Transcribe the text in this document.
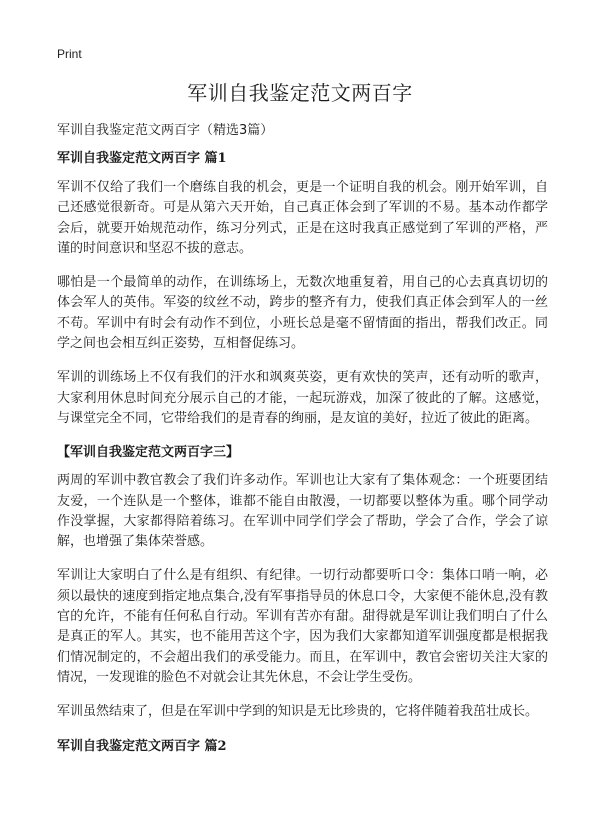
Print
军训自我鉴定范文两百字

军训自我鉴定范文两百字（精选3篇）

军训自我鉴定范文两百字 篇1

军训不仅给了我们一个磨练自我的机会，更是一个证明自我的机会。刚开始军训，自己还感觉很新奇。可是从第六天开始，自己真正体会到了军训的不易。基本动作都学会后，就要开始规范动作，练习分列式，正是在这时我真正感觉到了军训的严格，严谨的时间意识和坚忍不拔的意志。

哪怕是一个最简单的动作，在训练场上，无数次地重复着，用自己的心去真真切切的体会军人的英伟。军姿的纹丝不动，跨步的整齐有力，使我们真正体会到军人的一丝不苟。军训中有时会有动作不到位，小班长总是毫不留情面的指出，帮我们改正。同学之间也会相互纠正姿势，互相督促练习。

军训的训练场上不仅有我们的汗水和飒爽英姿，更有欢快的笑声，还有动听的歌声，大家利用休息时间充分展示自己的才能，一起玩游戏，加深了彼此的了解。这感觉，与课堂完全不同，它带给我们的是青春的绚丽，是友谊的美好，拉近了彼此的距离。

【军训自我鉴定范文两百字三】

两周的军训中教官教会了我们许多动作。军训也让大家有了集体观念：一个班要团结友爱，一个连队是一个整体，谁都不能自由散漫，一切都要以整体为重。哪个同学动作没掌握，大家都得陪着练习。在军训中同学们学会了帮助，学会了合作，学会了谅解，也增强了集体荣誉感。

军训让大家明白了什么是有组织、有纪律。一切行动都要听口令：集体口哨一响，必须以最快的速度到指定地点集合,没有军事指导员的休息口令，大家便不能休息,没有教官的允许，不能有任何私自行动。军训有苦亦有甜。甜得就是军训让我们明白了什么是真正的军人。其实，也不能用苦这个字，因为我们大家都知道军训强度都是根据我们情况制定的，不会超出我们的承受能力。而且，在军训中，教官会密切关注大家的情况，一发现谁的脸色不对就会让其先休息，不会让学生受伤。

军训虽然结束了，但是在军训中学到的知识是无比珍贵的，它将伴随着我茁壮成长。

军训自我鉴定范文两百字 篇2
